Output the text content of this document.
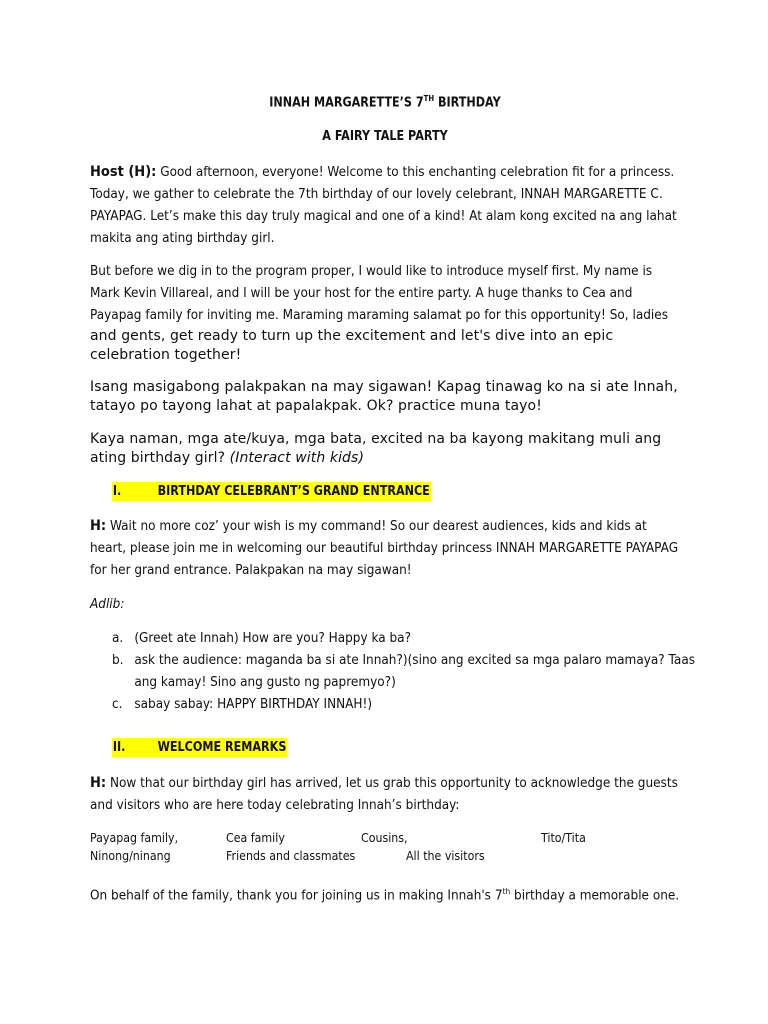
INNAH MARGARETTE’S 7TH BIRTHDAY
A FAIRY TALE PARTY
Host (H): Good afternoon, everyone! Welcome to this enchanting celebration fit for a princess. Today, we gather to celebrate the 7th birthday of our lovely celebrant, INNAH MARGARETTE C. PAYAPAG. Let’s make this day truly magical and one of a kind! At alam kong excited na ang lahat makita ang ating birthday girl.
But before we dig in to the program proper, I would like to introduce myself first. My name is Mark Kevin Villareal, and I will be your host for the entire party. A huge thanks to Cea and Payapag family for inviting me. Maraming maraming salamat po for this opportunity! So, ladies
and gents, get ready to turn up the excitement and let's dive into an epic celebration together!
Isang masigabong palakpakan na may sigawan! Kapag tinawag ko na si ate Innah, tatayo po tayong lahat at papalakpak. Ok? practice muna tayo!
Kaya naman, mga ate/kuya, mga bata, excited na ba kayong makitang muli ang ating birthday girl? (Interact with kids)
I.	BIRTHDAY CELEBRANT’S GRAND ENTRANCE
H: Wait no more coz’ your wish is my command! So our dearest audiences, kids and kids at heart, please join me in welcoming our beautiful birthday princess INNAH MARGARETTE PAYAPAG for her grand entrance. Palakpakan na may sigawan!
Adlib:
a. (Greet ate Innah) How are you? Happy ka ba?
b. ask the audience: maganda ba si ate Innah?)(sino ang excited sa mga palaro mamaya? Taas ang kamay! Sino ang gusto ng papremyo?)
c. sabay sabay: HAPPY BIRTHDAY INNAH!)
II. WELCOME REMARKS
H: Now that our birthday girl has arrived, let us grab this opportunity to acknowledge the guests and visitors who are here today celebrating Innah’s birthday:
Payapag family,	Cea family	Cousins,	Tito/Tita
Ninong/ninang	Friends and classmates	All the visitors
On behalf of the family, thank you for joining us in making Innah's 7th birthday a memorable one.
